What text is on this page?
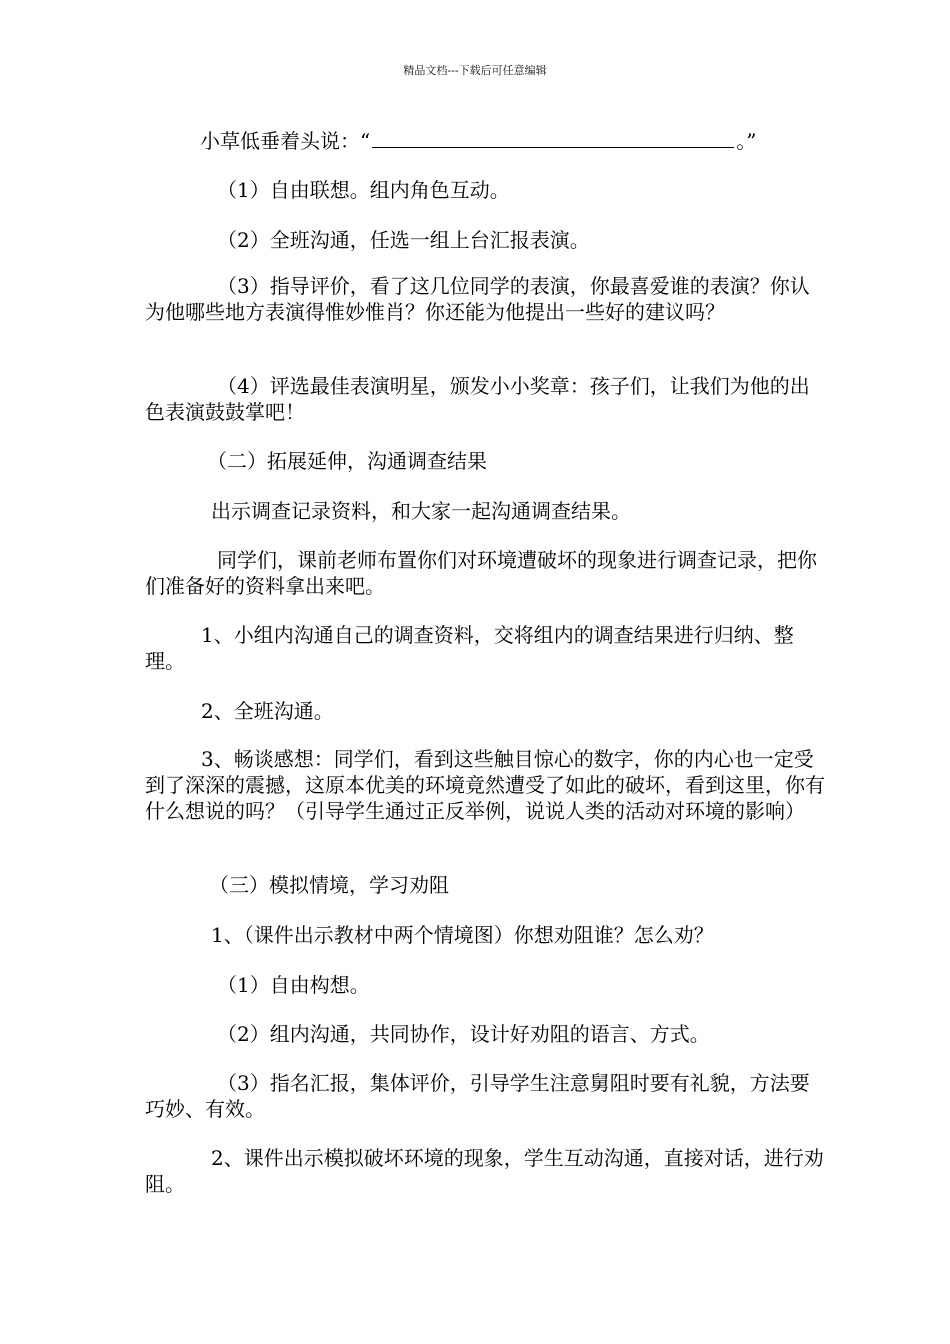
精品文档---下载后可任意编辑

小草低垂着头说：“	。”

（1）自由联想。组内角色互动。

（2）全班沟通，任选一组上台汇报表演。

（3）指导评价，看了这几位同学的表演，你最喜爱谁的表演？你认为他哪些地方表演得惟妙惟肖？你还能为他提出一些好的建议吗？

（4）评选最佳表演明星，颁发小小奖章：孩子们，让我们为他的出色表演鼓鼓掌吧！

（二）拓展延伸，沟通调查结果

出示调查记录资料，和大家一起沟通调查结果。

同学们，课前老师布置你们对环境遭破坏的现象进行调查记录，把你们准备好的资料拿出来吧。

1、小组内沟通自己的调查资料，交将组内的调查结果进行归纳、整理。

2、全班沟通。

3、畅谈感想：同学们，看到这些触目惊心的数字，你的内心也一定受到了深深的震撼，这原本优美的环境竟然遭受了如此的破坏，看到这里，你有什么想说的吗？（引导学生通过正反举例，说说人类的活动对环境的影响）

（三）模拟情境，学习劝阻

1、（课件出示教材中两个情境图）你想劝阻谁？怎么劝？

（1）自由构想。

（2）组内沟通，共同协作，设计好劝阻的语言、方式。

（3）指名汇报，集体评价，引导学生注意舅阻时要有礼貌，方法要巧妙、有效。

2、课件出示模拟破坏环境的现象，学生互动沟通，直接对话，进行劝阻。
